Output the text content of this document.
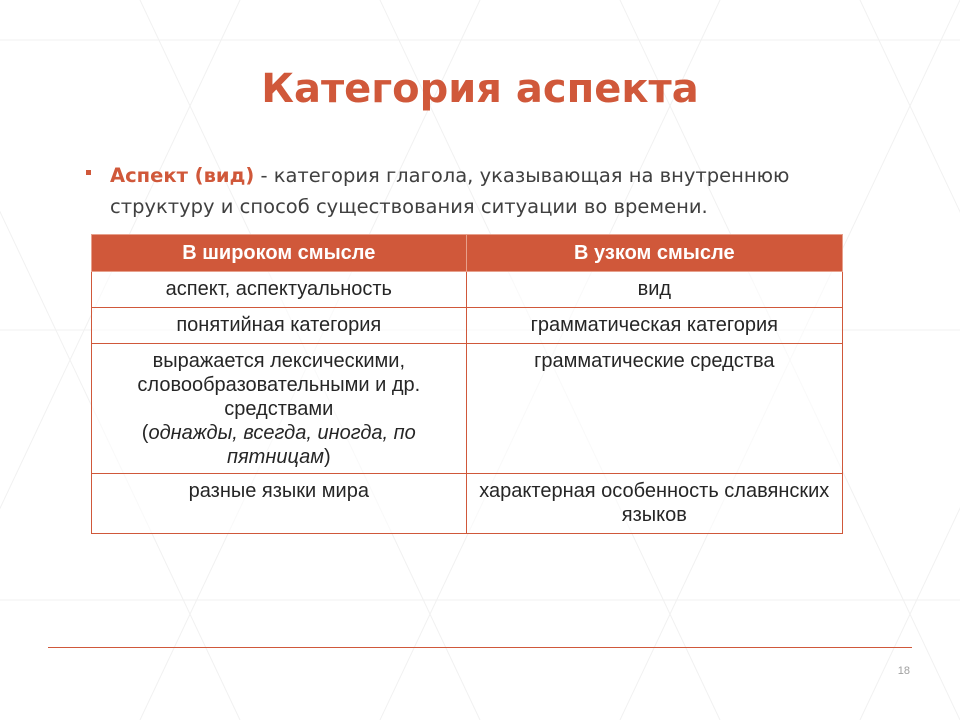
Категория аспекта
Аспект (вид) - категория глагола, указывающая на внутреннюю структуру и способ существования ситуации во времени.
В широком смысле	В узком смысле
аспект, аспектуальность	вид
понятийная категория	грамматическая категория
выражается лексическими, словообразовательными и др. средствами
(однажды, всегда, иногда, по пятницам)	грамматические средства
разные языки мира	характерная особенность славянских языков
18
